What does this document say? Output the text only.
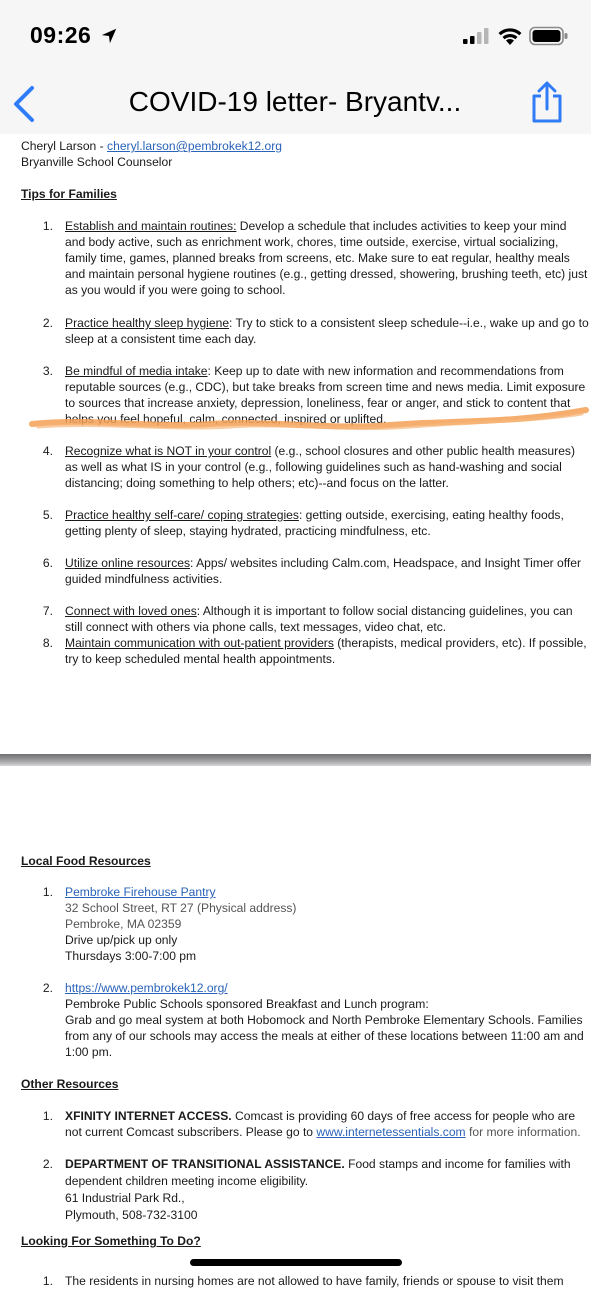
09:26
COVID-19 letter- Bryantv...
Cheryl Larson - cheryl.larson@pembrokek12.org
Bryanville School Counselor
Tips for Families
1. Establish and maintain routines: Develop a schedule that includes activities to keep your mind and body active, such as enrichment work, chores, time outside, exercise, virtual socializing, family time, games, planned breaks from screens, etc. Make sure to eat regular, healthy meals and maintain personal hygiene routines (e.g., getting dressed, showering, brushing teeth, etc) just as you would if you were going to school.
2. Practice healthy sleep hygiene: Try to stick to a consistent sleep schedule--i.e., wake up and go to sleep at a consistent time each day.
3. Be mindful of media intake: Keep up to date with new information and recommendations from reputable sources (e.g., CDC), but take breaks from screen time and news media. Limit exposure to sources that increase anxiety, depression, loneliness, fear or anger, and stick to content that helps you feel hopeful, calm, connected, inspired or uplifted.
4. Recognize what is NOT in your control (e.g., school closures and other public health measures) as well as what IS in your control (e.g., following guidelines such as hand-washing and social distancing; doing something to help others; etc)--and focus on the latter.
5. Practice healthy self-care/ coping strategies: getting outside, exercising, eating healthy foods, getting plenty of sleep, staying hydrated, practicing mindfulness, etc.
6. Utilize online resources: Apps/ websites including Calm.com, Headspace, and Insight Timer offer guided mindfulness activities.
7. Connect with loved ones: Although it is important to follow social distancing guidelines, you can still connect with others via phone calls, text messages, video chat, etc.
8. Maintain communication with out-patient providers (therapists, medical providers, etc). If possible, try to keep scheduled mental health appointments.
Local Food Resources
1. Pembroke Firehouse Pantry
32 School Street, RT 27 (Physical address)
Pembroke, MA 02359
Drive up/pick up only
Thursdays 3:00-7:00 pm
2. https://www.pembrokek12.org/
Pembroke Public Schools sponsored Breakfast and Lunch program:
Grab and go meal system at both Hobomock and North Pembroke Elementary Schools. Families from any of our schools may access the meals at either of these locations between 11:00 am and 1:00 pm.
Other Resources
1. XFINITY INTERNET ACCESS. Comcast is providing 60 days of free access for people who are not current Comcast subscribers. Please go to www.internetessentials.com for more information.
2. DEPARTMENT OF TRANSITIONAL ASSISTANCE. Food stamps and income for families with dependent children meeting income eligibility.
61 Industrial Park Rd.,
Plymouth, 508-732-3100
Looking For Something To Do?
1. The residents in nursing homes are not allowed to have family, friends or spouse to visit them
